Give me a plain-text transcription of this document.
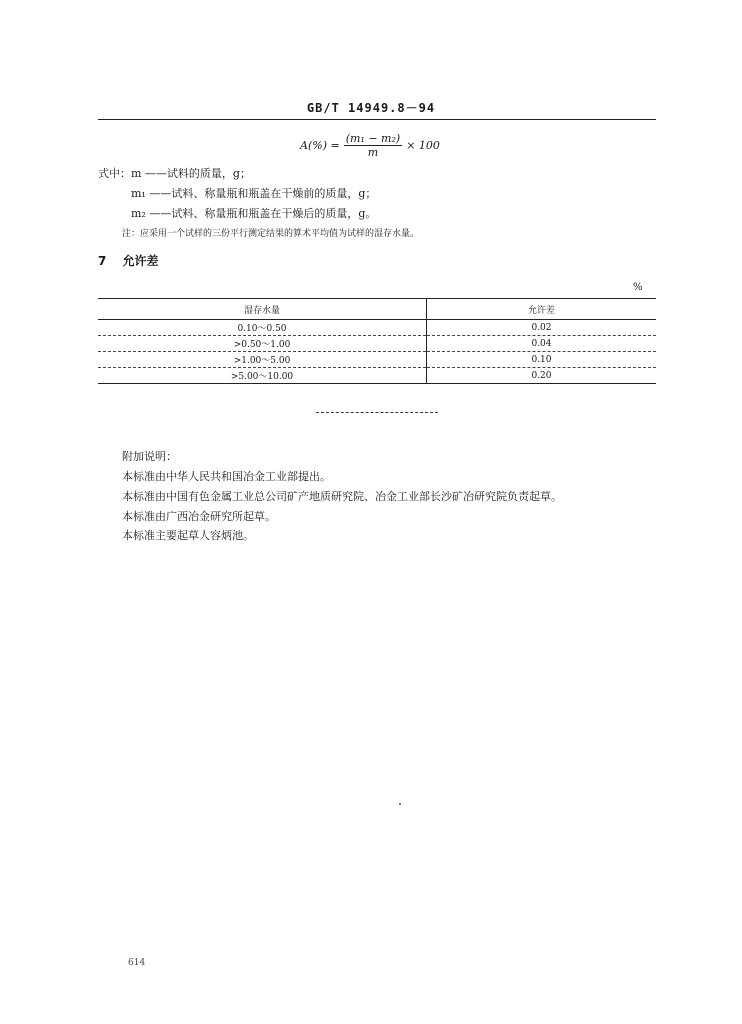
GB/T 14949.8－94
$A(\%) = \frac{\text{(m₁ − m₂)}}{m} \times 100$
式中：m ——试料的质量，g；
m₁ ——试料、称量瓶和瓶盖在干燥前的质量，g；
m₂ ——试料、称量瓶和瓶盖在干燥后的质量，g。
注：应采用一个试样的三份平行测定结果的算术平均值为试样的湿存水量。
7 允许差
%
湿存水量	允许差
0.10～0.50	0.02
>0.50～1.00	0.04
>1.00～5.00	0.10
>5.00～10.00	0.20
附加说明：
本标准由中华人民共和国冶金工业部提出。
本标准由中国有色金属工业总公司矿产地质研究院、冶金工业部长沙矿冶研究院负责起草。
本标准由广西冶金研究所起草。
本标准主要起草人容炳池。
614
